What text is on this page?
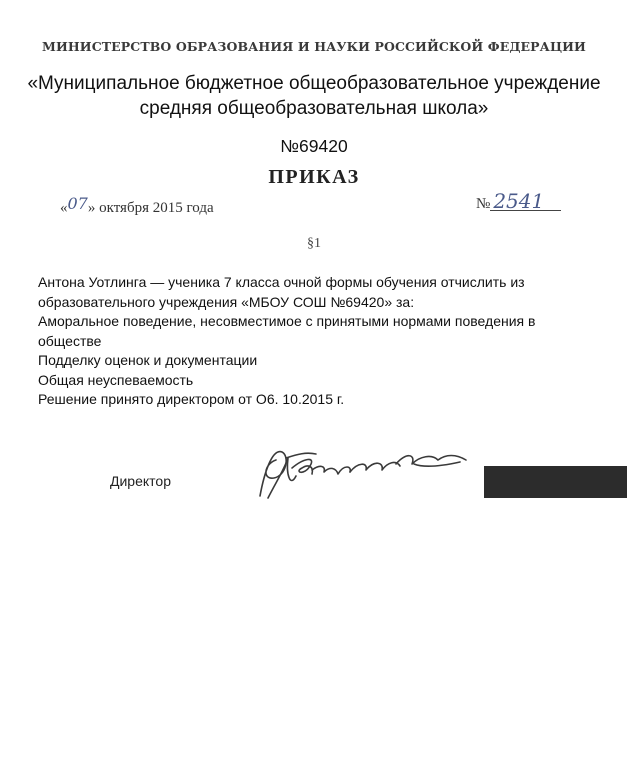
МИНИСТЕРСТВО ОБРАЗОВАНИЯ И НАУКИ РОССИЙСКОЙ ФЕДЕРАЦИИ
«Муниципальное бюджетное общеобразовательное учреждение
средняя общеобразовательная школа»
№69420
ПРИКАЗ
«07» октября 2015 года	№ 2541
§1

Антона Уотлинга — ученика 7 класса очной формы обучения отчислить из образовательного учреждения «МБОУ СОШ №69420» за:

Аморальное поведение, несовместимое с принятыми нормами поведения в обществе

Подделку оценок и документации

Общая неуспеваемость

Решение принято директором от О6. 10.2015 г.

Директор
